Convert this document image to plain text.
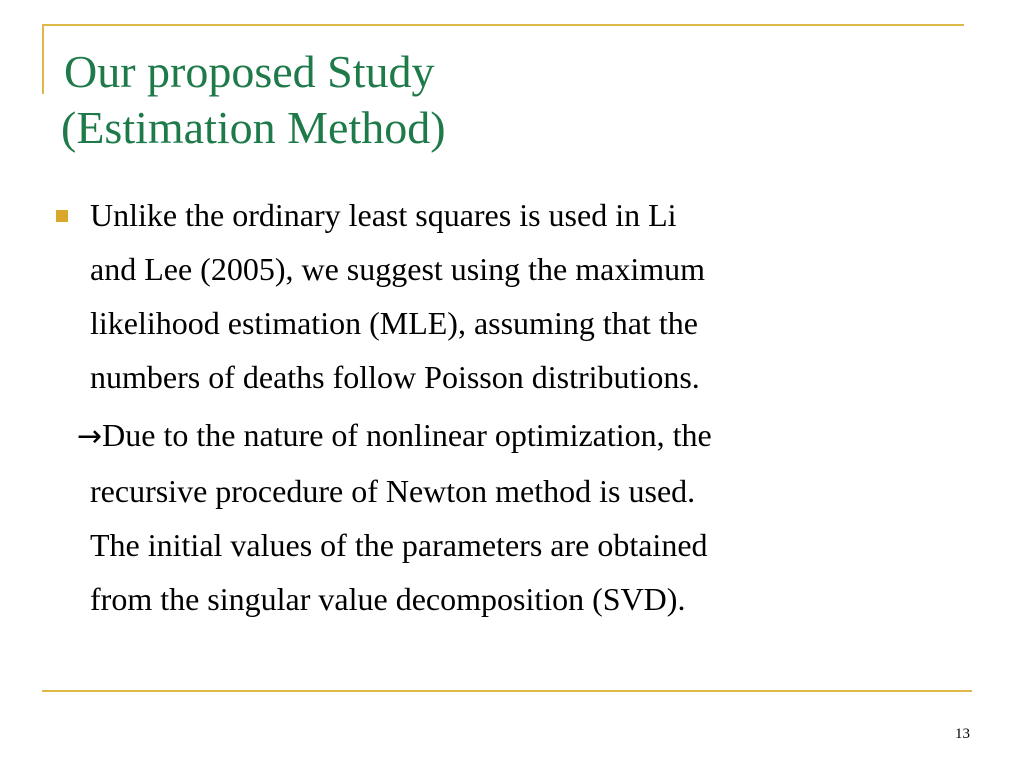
Our proposed Study
(Estimation Method)
Unlike the ordinary least squares is used in Li
and Lee (2005), we suggest using the maximum
likelihood estimation (MLE), assuming that the
numbers of deaths follow Poisson distributions.
→Due to the nature of nonlinear optimization, the
recursive procedure of Newton method is used.
The initial values of the parameters are obtained
from the singular value decomposition (SVD).
13
